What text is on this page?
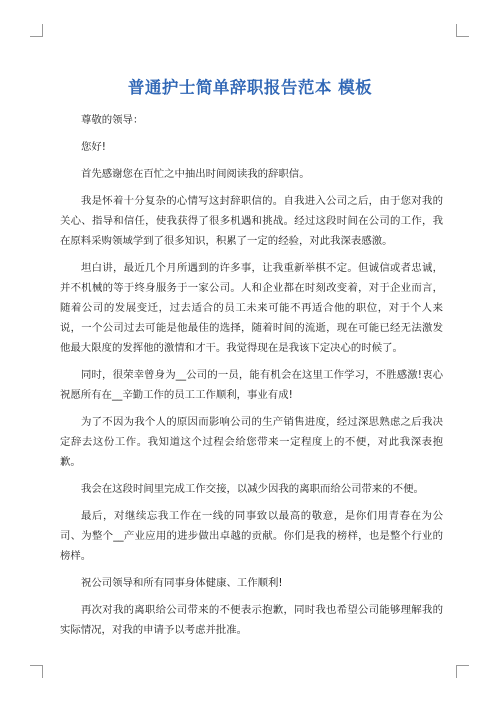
普通护士简单辞职报告范本 模板

尊敬的领导：

您好!

首先感谢您在百忙之中抽出时间阅读我的辞职信。

我是怀着十分复杂的心情写这封辞职信的。自我进入公司之后，由于您对我的关心、指导和信任，使我获得了很多机遇和挑战。经过这段时间在公司的工作，我在原料采购领域学到了很多知识，积累了一定的经验，对此我深表感激。

坦白讲，最近几个月所遇到的许多事，让我重新举棋不定。但诚信或者忠诚，并不机械的等于终身服务于一家公司。人和企业都在时刻改变着，对于企业而言，随着公司的发展变迁，过去适合的员工未来可能不再适合他的职位，对于个人来说，一个公司过去可能是他最佳的选择，随着时间的流逝，现在可能已经无法激发他最大限度的发挥他的激情和才干。我觉得现在是我该下定决心的时候了。

同时，很荣幸曾身为__公司的一员，能有机会在这里工作学习，不胜感激!衷心祝愿所有在__辛勤工作的员工工作顺利，事业有成!

为了不因为我个人的原因而影响公司的生产销售进度，经过深思熟虑之后我决定辞去这份工作。我知道这个过程会给您带来一定程度上的不便，对此我深表抱歉。

我会在这段时间里完成工作交接，以减少因我的离职而给公司带来的不便。

最后，对继续忘我工作在一线的同事致以最高的敬意，是你们用青春在为公司、为整个__产业应用的进步做出卓越的贡献。你们是我的榜样，也是整个行业的榜样。

祝公司领导和所有同事身体健康、工作顺利!

再次对我的离职给公司带来的不便表示抱歉，同时我也希望公司能够理解我的实际情况，对我的申请予以考虑并批准。
